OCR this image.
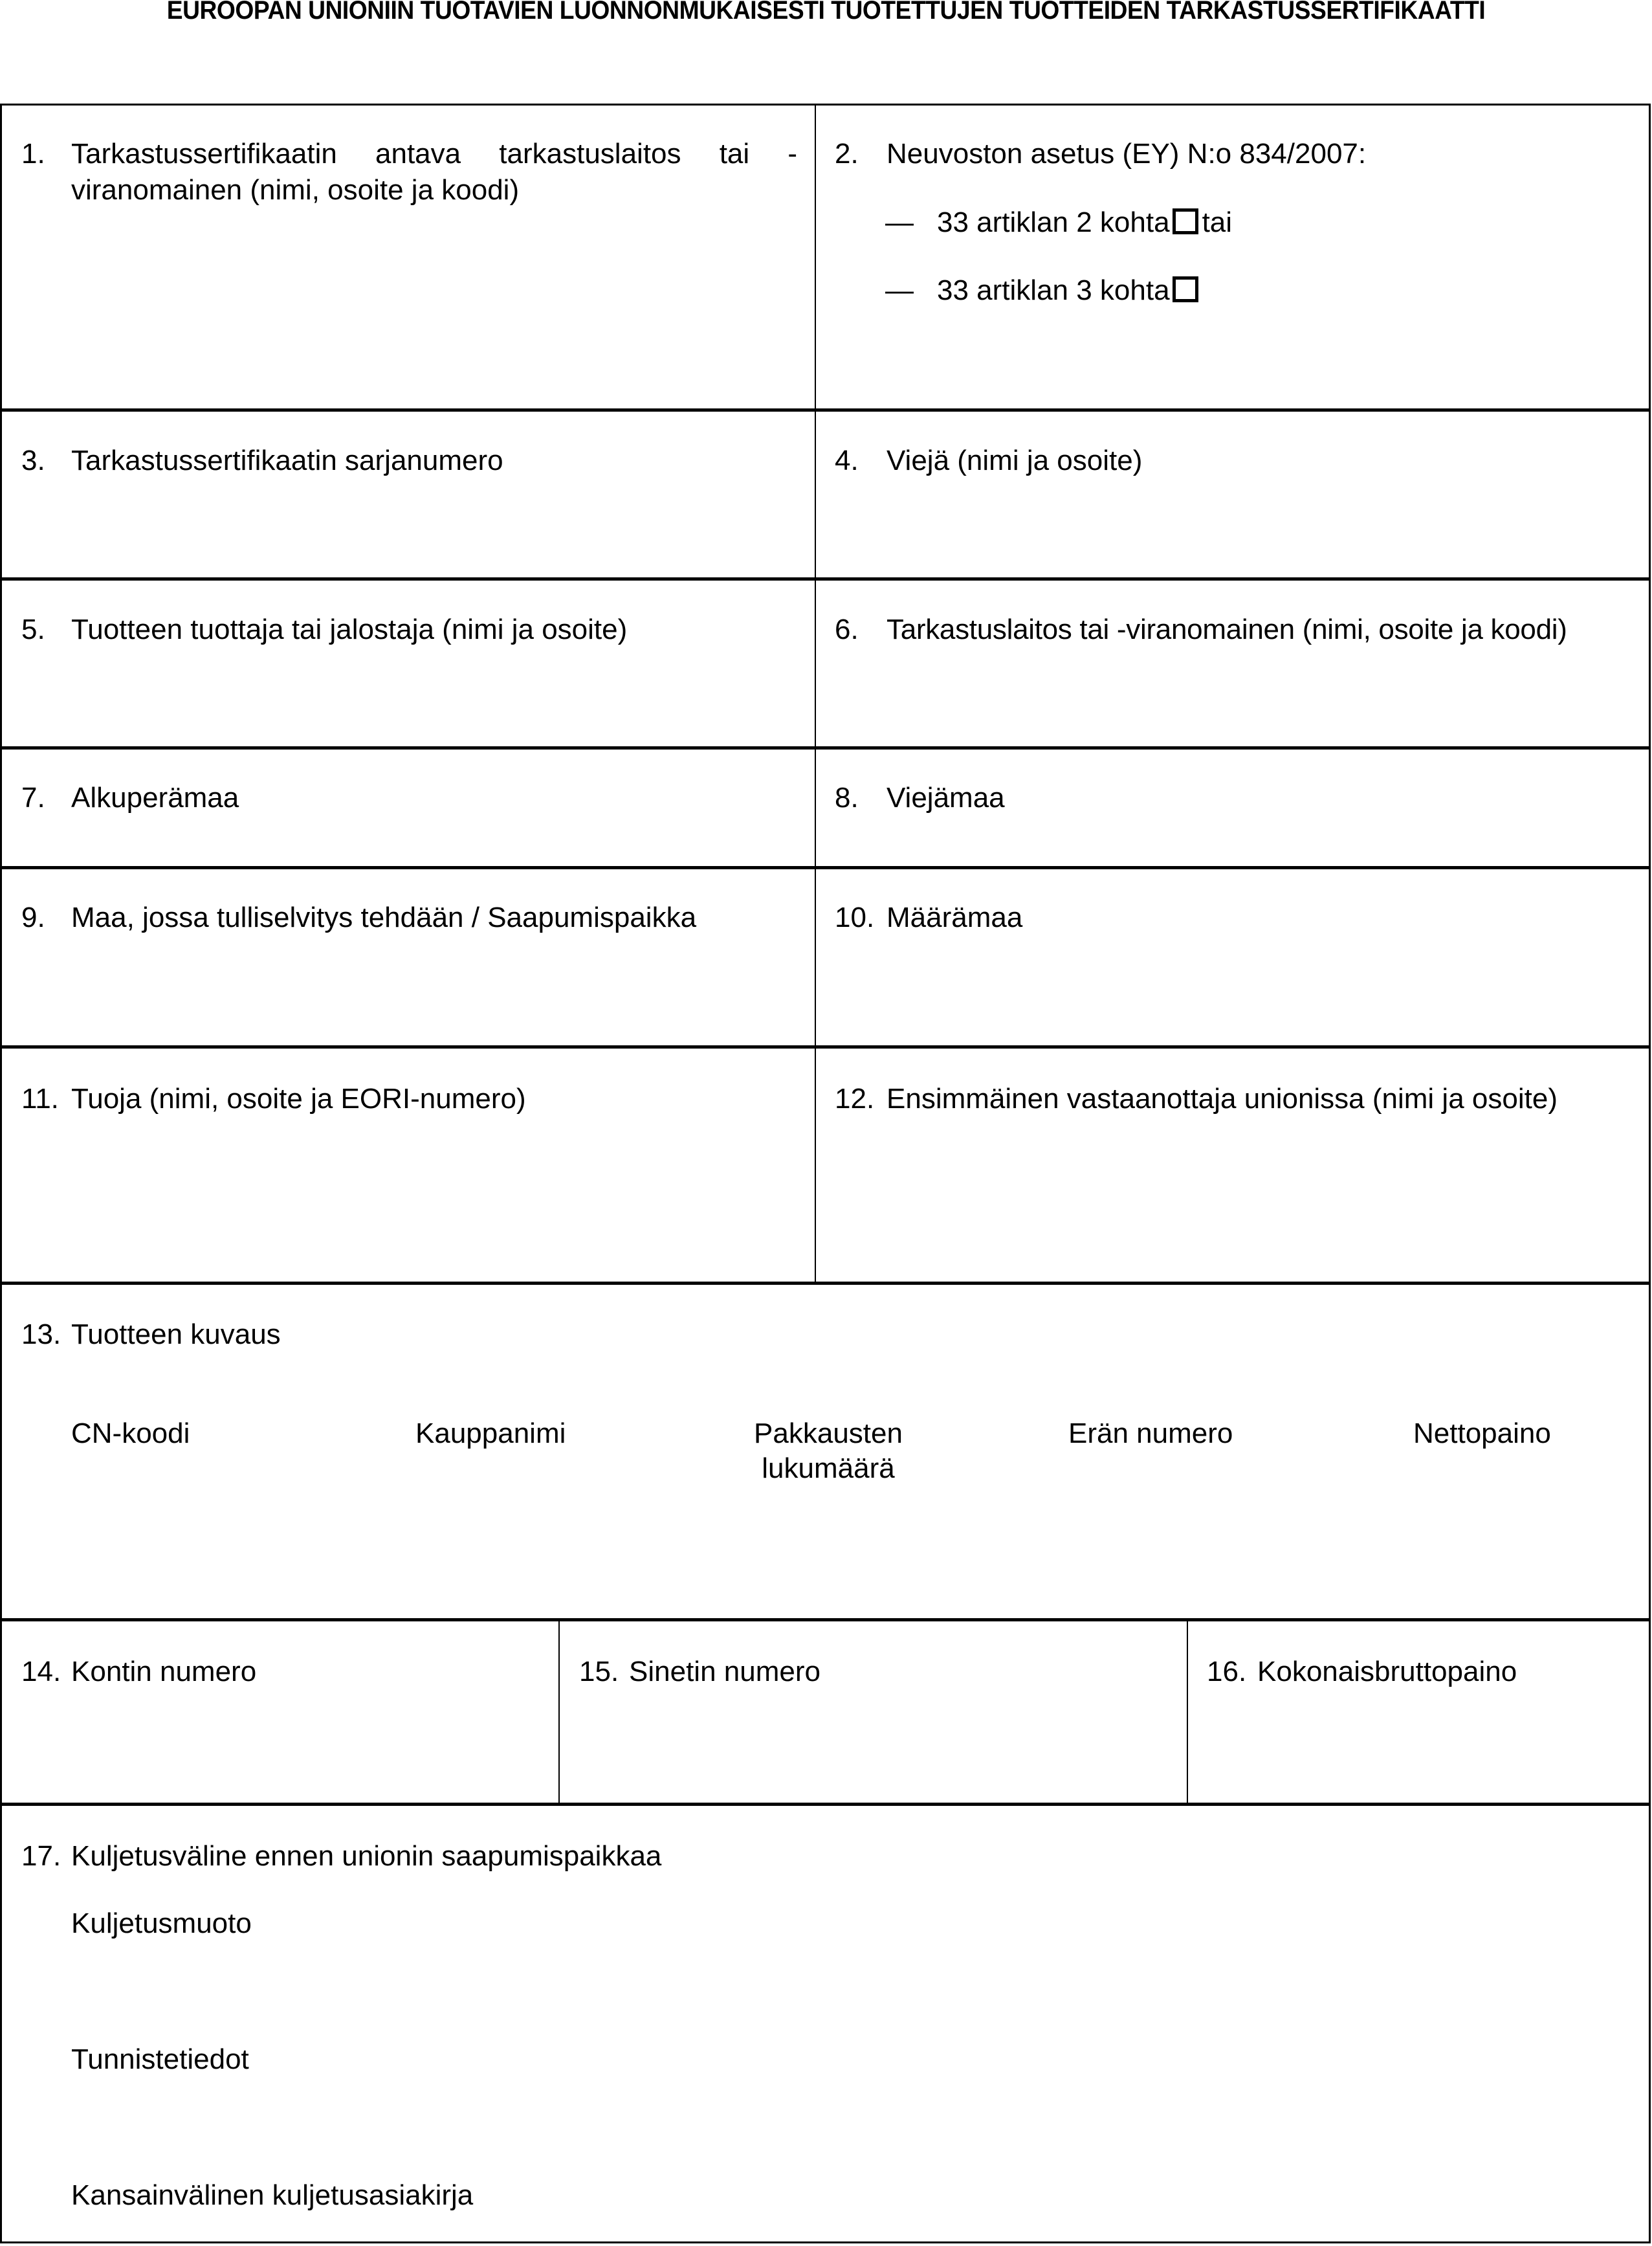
EUROOPAN UNIONIIN TUOTAVIEN LUONNONMUKAISESTI TUOTETTUJEN TUOTTEIDEN TARKASTUSSERTIFIKAATTI
1. Tarkastussertifikaatin antava tarkastuslaitos tai -
viranomainen (nimi, osoite ja koodi)
2. Neuvoston asetus (EY) N:o 834/2007:
— 33 artiklan 2 kohta tai
— 33 artiklan 3 kohta
3. Tarkastussertifikaatin sarjanumero	4. Viejä (nimi ja osoite)
5. Tuotteen tuottaja tai jalostaja (nimi ja osoite)	6. Tarkastuslaitos tai -viranomainen (nimi, osoite ja koodi)
7. Alkuperämaa	8. Viejämaa
9. Maa, jossa tulliselvitys tehdään / Saapumispaikka	10. Määrämaa
11. Tuoja (nimi, osoite ja EORI-numero)	12. Ensimmäinen vastaanottaja unionissa (nimi ja osoite)
13. Tuotteen kuvaus
CN-koodi	Kauppanimi	Pakkausten
lukumäärä
Erän numero	Nettopaino
14. Kontin numero	15. Sinetin numero	16. Kokonaisbruttopaino
17. Kuljetusväline ennen unionin saapumispaikkaa
Kuljetusmuoto
Tunnistetiedot
Kansainvälinen kuljetusasiakirja
